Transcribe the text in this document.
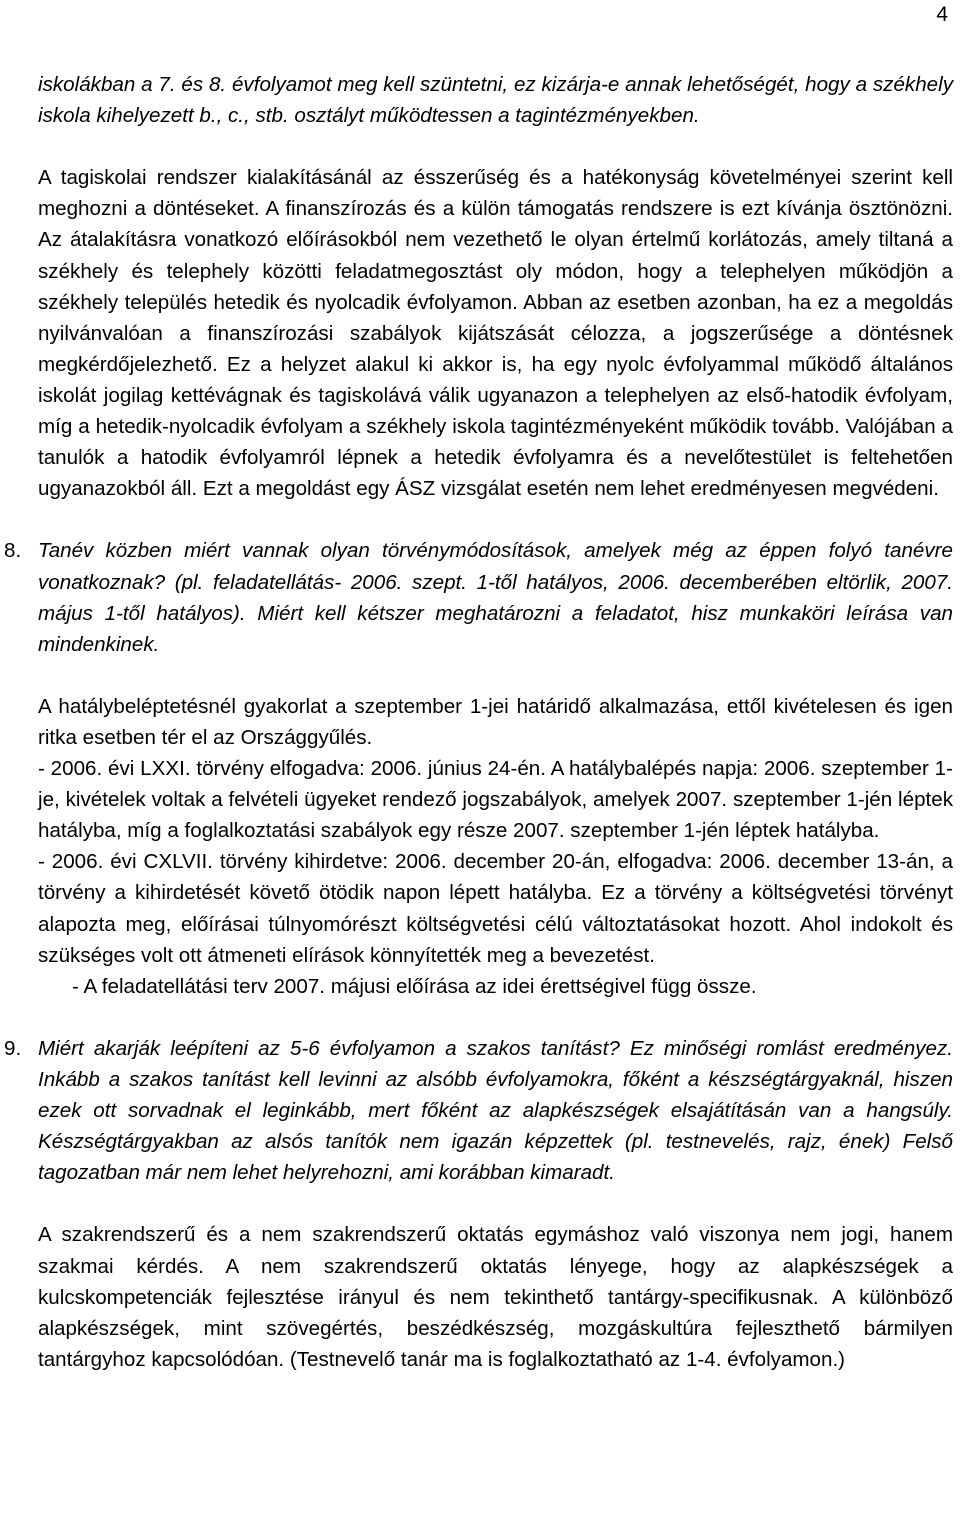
4

iskolákban a 7. és 8. évfolyamot meg kell szüntetni, ez kizárja-e annak lehetőségét, hogy a székhely iskola kihelyezett b., c., stb. osztályt működtessen a tagintézményekben.

A tagiskolai rendszer kialakításánál az ésszerűség és a hatékonyság követelményei szerint kell meghozni a döntéseket. A finanszírozás és a külön támogatás rendszere is ezt kívánja ösztönözni. Az átalakításra vonatkozó előírásokból nem vezethető le olyan értelmű korlátozás, amely tiltaná a székhely és telephely közötti feladatmegosztást oly módon, hogy a telephelyen működjön a székhely település hetedik és nyolcadik évfolyamon. Abban az esetben azonban, ha ez a megoldás nyilvánvalóan a finanszírozási szabályok kijátszását célozza, a jogszerűsége a döntésnek megkérdőjelezhető. Ez a helyzet alakul ki akkor is, ha egy nyolc évfolyammal működő általános iskolát jogilag kettévágnak és tagiskolává válik ugyanazon a telephelyen az első-hatodik évfolyam, míg a hetedik-nyolcadik évfolyam a székhely iskola tagintézményeként működik tovább. Valójában a tanulók a hatodik évfolyamról lépnek a hetedik évfolyamra és a nevelőtestület is feltehetően ugyanazokból áll. Ezt a megoldást egy ÁSZ vizsgálat esetén nem lehet eredményesen megvédeni.

8. Tanév közben miért vannak olyan törvénymódosítások, amelyek még az éppen folyó tanévre vonatkoznak? (pl. feladatellátás- 2006. szept. 1-től hatályos, 2006. decemberében eltörlik, 2007. május 1-től hatályos). Miért kell kétszer meghatározni a feladatot, hisz munkaköri leírása van mindenkinek.

A hatálybeléptetésnél gyakorlat a szeptember 1-jei határidő alkalmazása, ettől kivételesen és igen ritka esetben tér el az Országgyűlés.

- 2006. évi LXXI. törvény elfogadva: 2006. június 24-én. A hatálybalépés napja: 2006. szeptember 1-je, kivételek voltak a felvételi ügyeket rendező jogszabályok, amelyek 2007. szeptember 1-jén léptek hatályba, míg a foglalkoztatási szabályok egy része 2007. szeptember 1-jén léptek hatályba.

- 2006. évi CXLVII. törvény kihirdetve: 2006. december 20-án, elfogadva: 2006. december 13-án, a törvény a kihirdetését követő ötödik napon lépett hatályba. Ez a törvény a költségvetési törvényt alapozta meg, előírásai túlnyomórészt költségvetési célú változtatásokat hozott. Ahol indokolt és szükséges volt ott átmeneti elírások könnyítették meg a bevezetést.

- A feladatellátási terv 2007. májusi előírása az idei érettségivel függ össze.

9. Miért akarják leépíteni az 5-6 évfolyamon a szakos tanítást? Ez minőségi romlást eredményez. Inkább a szakos tanítást kell levinni az alsóbb évfolyamokra, főként a készségtárgyaknál, hiszen ezek ott sorvadnak el leginkább, mert főként az alapkészségek elsajátításán van a hangsúly. Készségtárgyakban az alsós tanítók nem igazán képzettek (pl. testnevelés, rajz, ének) Felső tagozatban már nem lehet helyrehozni, ami korábban kimaradt.

A szakrendszerű és a nem szakrendszerű oktatás egymáshoz való viszonya nem jogi, hanem szakmai kérdés. A nem szakrendszerű oktatás lényege, hogy az alapkészségek a kulcskompetenciák fejlesztése irányul és nem tekinthető tantárgy-specifikusnak. A különböző alapkészségek, mint szövegértés, beszédkészség, mozgáskultúra fejleszthető bármilyen tantárgyhoz kapcsolódóan. (Testnevelő tanár ma is foglalkoztatható az 1-4. évfolyamon.)
